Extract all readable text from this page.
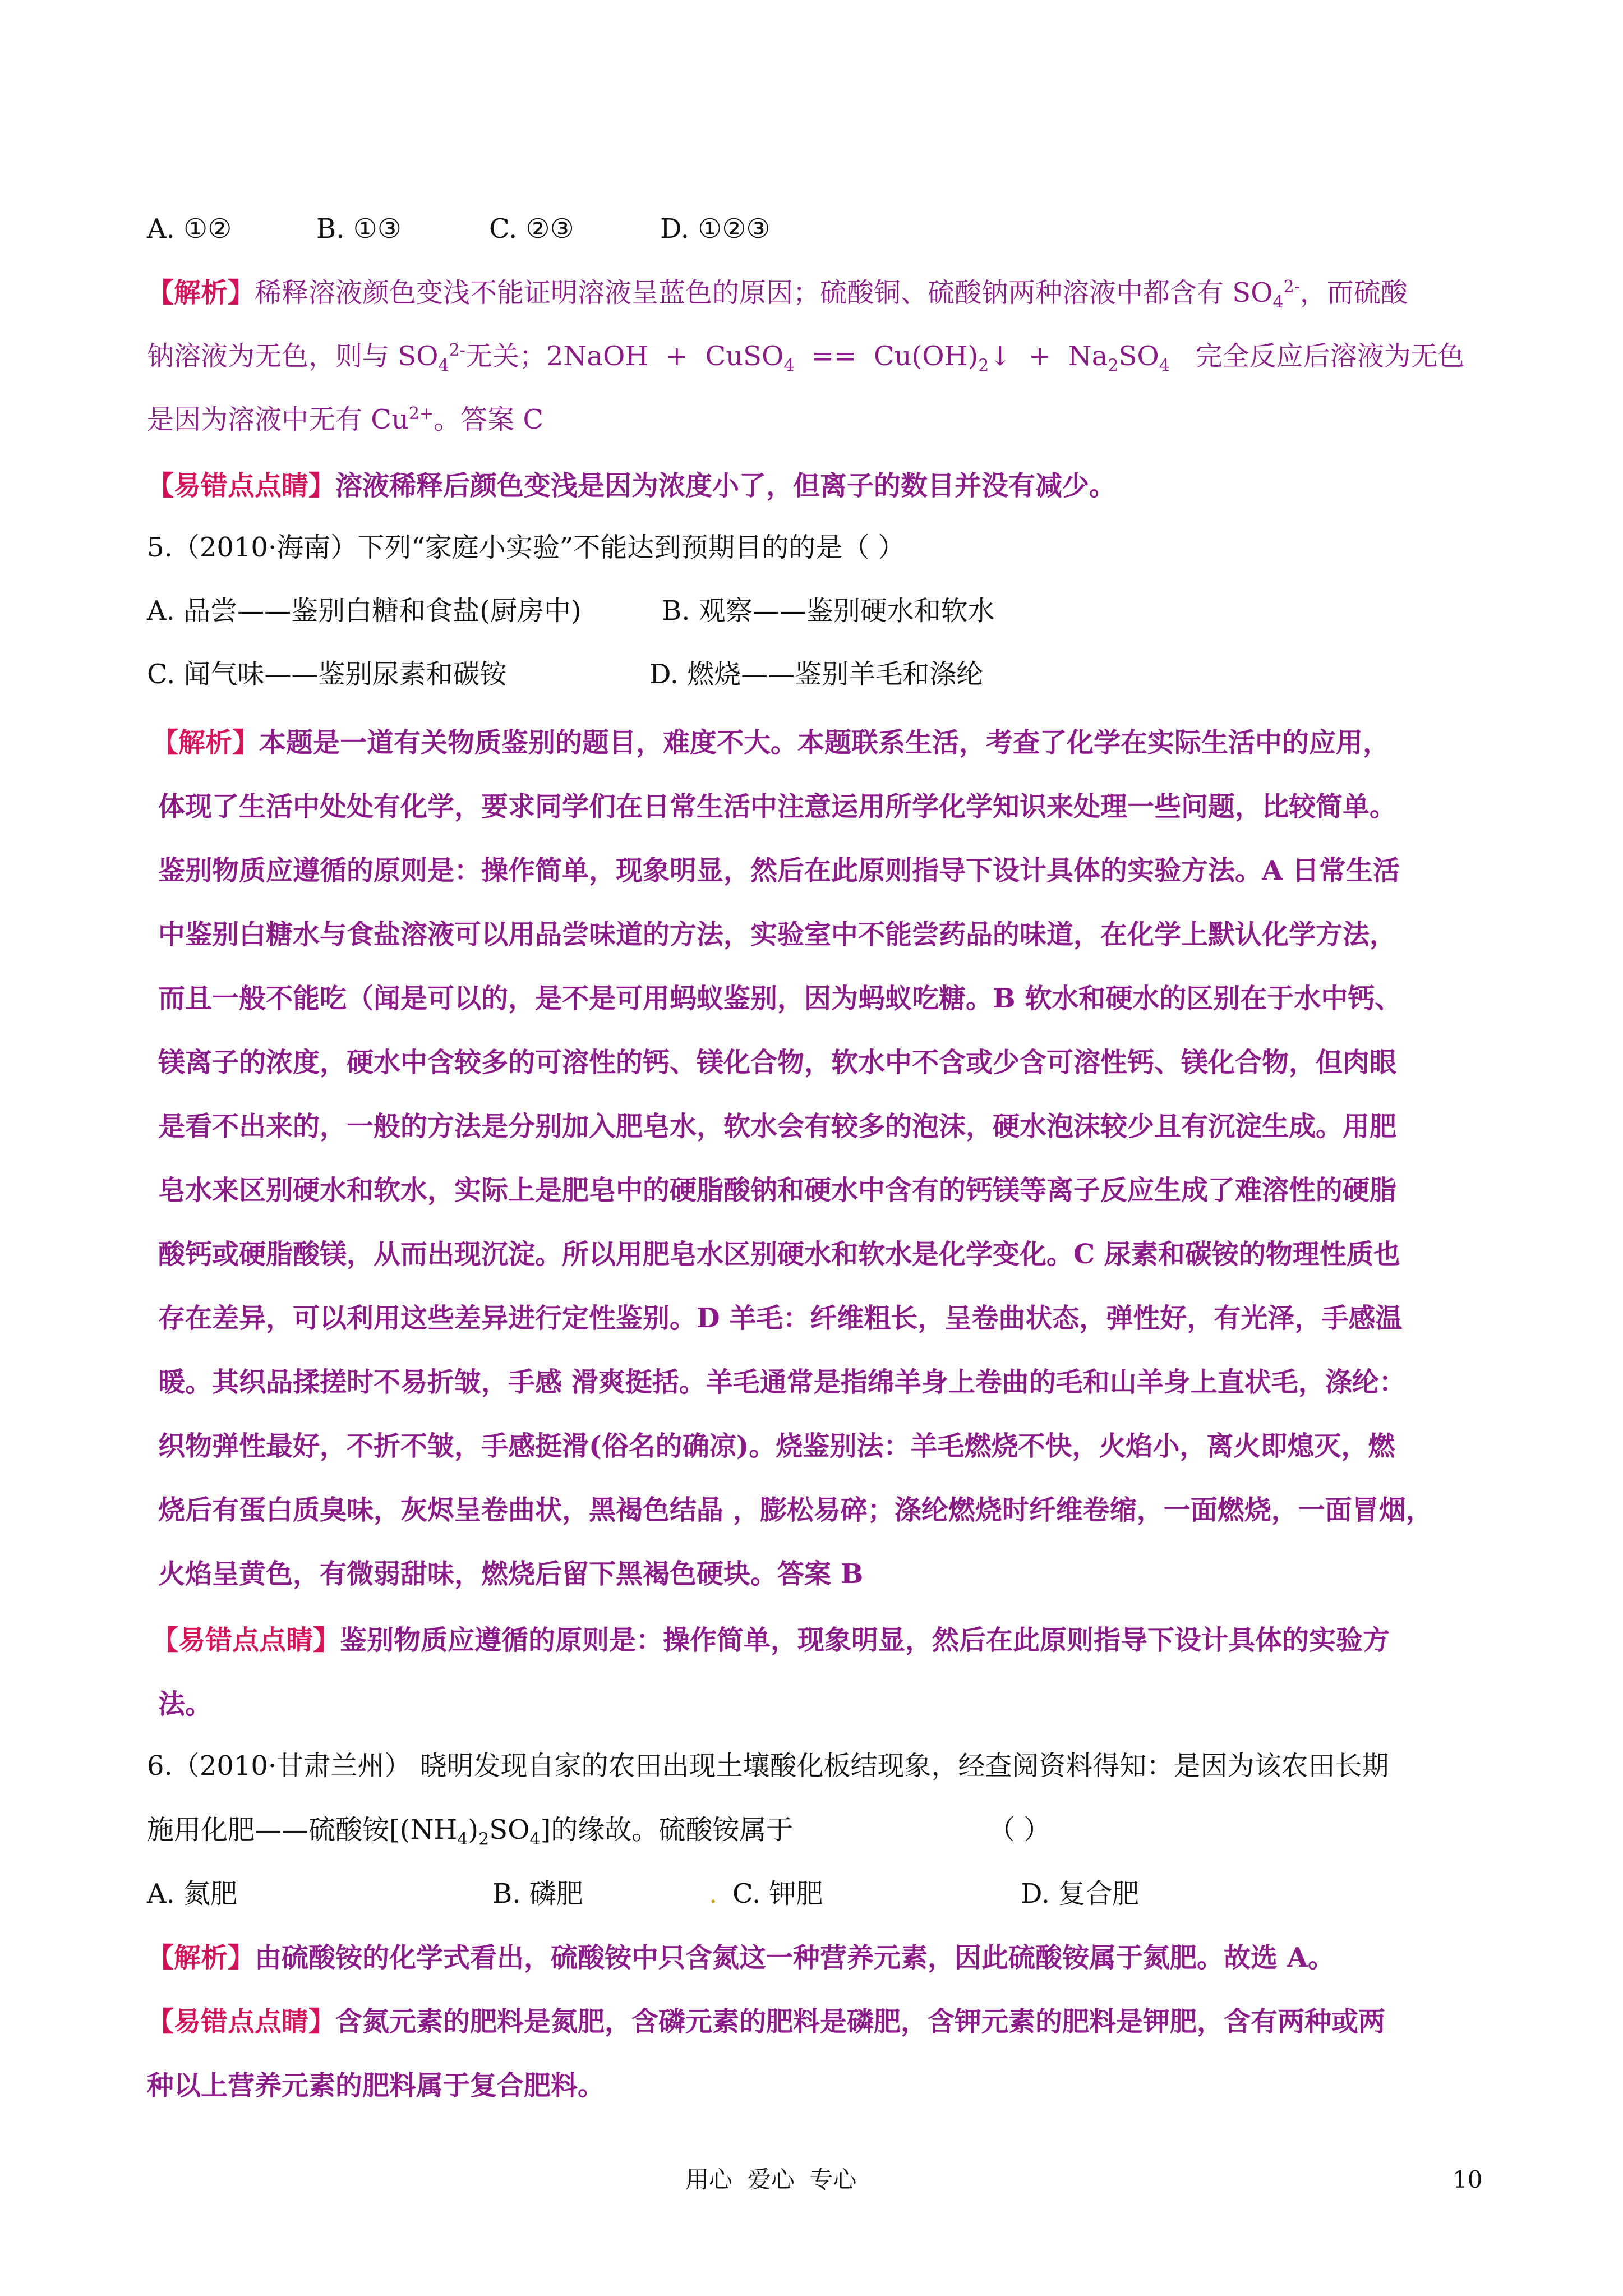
A. ①②	B. ①③	C. ②③	D. ①②③
【解析】稀释溶液颜色变浅不能证明溶液呈蓝色的原因；硫酸铜、硫酸钠两种溶液中都含有 $SO_4^{2-}$，而硫酸
钠溶液为无色，则与 $SO_4^{2-}$无关；2NaOH  +  CuSO$_4$  ==  $Cu(OH)_2↓ + Na_2SO_4$   完全反应后溶液为无色
是因为溶液中无有 $Cu^{2+}$。答案 C
【易错点点睛】溶液稀释后颜色变浅是因为浓度小了，但离子的数目并没有减少。
5.（2010·海南）下列“家庭小实验”不能达到预期目的的是（ ）
A. 品尝——鉴别白糖和食盐(厨房中)	B. 观察——鉴别硬水和软水
C. 闻气味——鉴别尿素和碳铵	D. 燃烧——鉴别羊毛和涤纶
【解析】本题是一道有关物质鉴别的题目，难度不大。本题联系生活，考查了化学在实际生活中的应用，
体现了生活中处处有化学，要求同学们在日常生活中注意运用所学化学知识来处理一些问题，比较简单。
鉴别物质应遵循的原则是：操作简单，现象明显，然后在此原则指导下设计具体的实验方法。A 日常生活
中鉴别白糖水与食盐溶液可以用品尝味道的方法，实验室中不能尝药品的味道，在化学上默认化学方法，
而且一般不能吃（闻是可以的，是不是可用蚂蚁鉴别，因为蚂蚁吃糖。B 软水和硬水的区别在于水中钙、
镁离子的浓度，硬水中含较多的可溶性的钙、镁化合物，软水中不含或少含可溶性钙、镁化合物，但肉眼
是看不出来的，一般的方法是分别加入肥皂水，软水会有较多的泡沫，硬水泡沫较少且有沉淀生成。用肥
皂水来区别硬水和软水，实际上是肥皂中的硬脂酸钠和硬水中含有的钙镁等离子反应生成了难溶性的硬脂
酸钙或硬脂酸镁，从而出现沉淀。所以用肥皂水区别硬水和软水是化学变化。C 尿素和碳铵的物理性质也
存在差异，可以利用这些差异进行定性鉴别。D 羊毛：纤维粗长，呈卷曲状态，弹性好，有光泽，手感温
暖。其织品揉搓时不易折皱，手感 滑爽挺括。羊毛通常是指绵羊身上卷曲的毛和山羊身上直状毛，涤纶：
织物弹性最好，不折不皱，手感挺滑(俗名的确凉)。烧鉴别法：羊毛燃烧不快，火焰小，离火即熄灭，燃
烧后有蛋白质臭味，灰烬呈卷曲状，黑褐色结晶 ，膨松易碎；涤纶燃烧时纤维卷缩，一面燃烧，一面冒烟，
火焰呈黄色，有微弱甜味，燃烧后留下黑褐色硬块。答案 B
【易错点点睛】鉴别物质应遵循的原则是：操作简单，现象明显，然后在此原则指导下设计具体的实验方
法。
6.（2010·甘肃兰州） 晓明发现自家的农田出现土壤酸化板结现象，经查阅资料得知：是因为该农田长期
施用化肥——硫酸铵$[(NH_4)_2SO_4]$的缘故。硫酸铵属于	（ ）
A. 氮肥	B. 磷肥	. C. 钾肥	D. 复合肥
【解析】由硫酸铵的化学式看出，硫酸铵中只含氮这一种营养元素，因此硫酸铵属于氮肥。故选 A。
【易错点点睛】含氮元素的肥料是氮肥，含磷元素的肥料是磷肥，含钾元素的肥料是钾肥，含有两种或两
种以上营养元素的肥料属于复合肥料。
用心  爱心  专心	10
